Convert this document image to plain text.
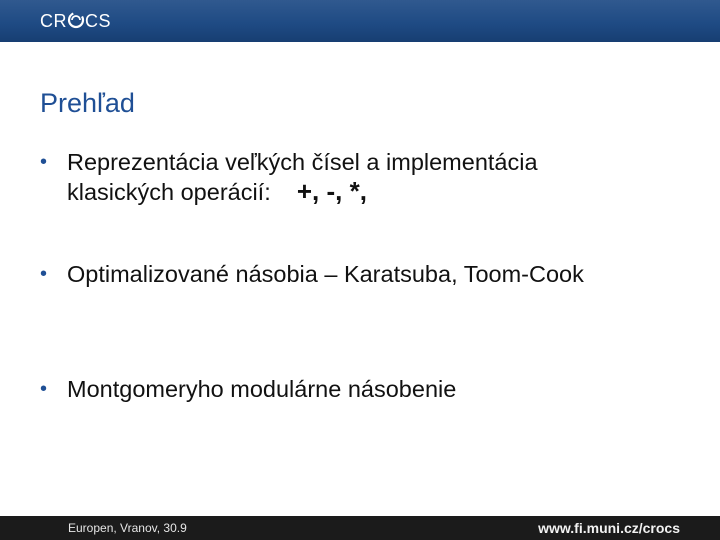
CR CS
Prehľad
• Reprezentácia veľkých čísel a implementácia
klasických operácií: +, -, *,
• Optimalizované násobia – Karatsuba, Toom-Cook
• Montgomeryho modulárne násobenie
Europen, Vranov, 30.9	www.fi.muni.cz/crocs
